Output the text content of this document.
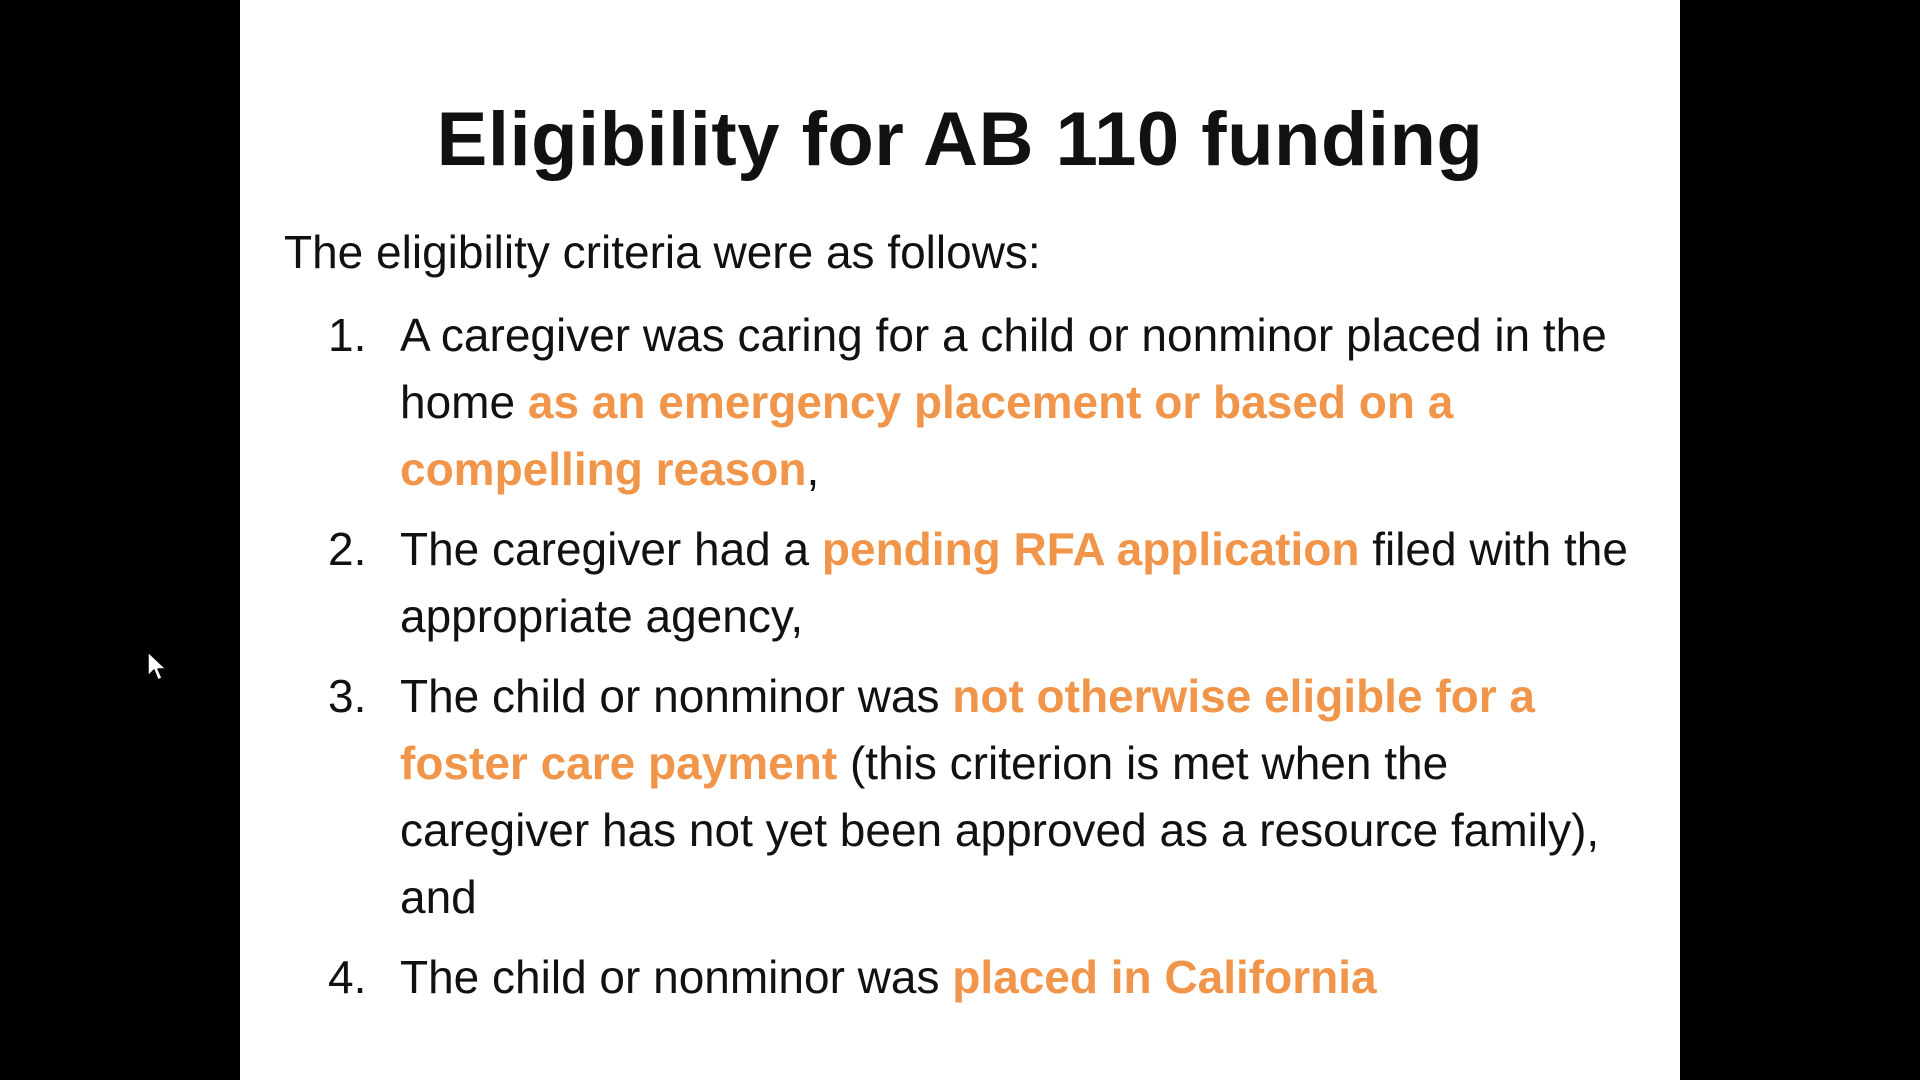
Eligibility for AB 110 funding

The eligibility criteria were as follows:

1. A caregiver was caring for a child or nonminor placed in the home as an emergency placement or based on a compelling reason,
2. The caregiver had a pending RFA application filed with the appropriate agency,
3. The child or nonminor was not otherwise eligible for a foster care payment (this criterion is met when the caregiver has not yet been approved as a resource family), and
4. The child or nonminor was placed in California
